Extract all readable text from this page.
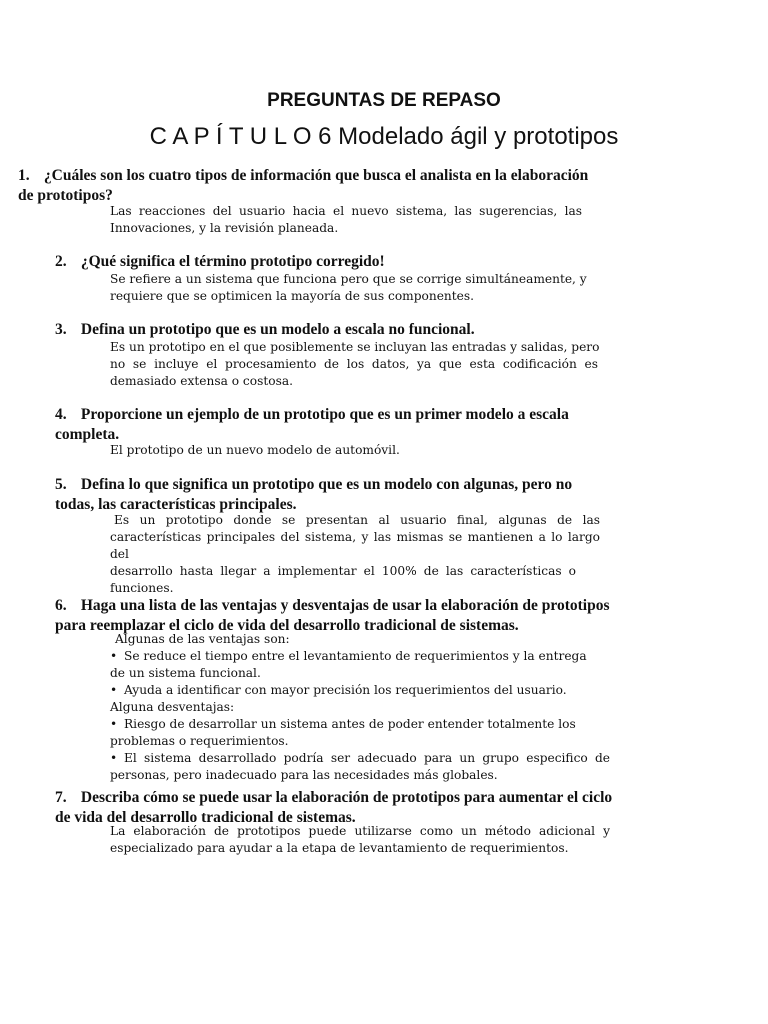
PREGUNTAS DE REPASO
C A P Í T U L O 6 Modelado ágil y prototipos
1. ¿Cuáles son los cuatro tipos de información que busca el analista en la elaboración
de prototipos?
Las reacciones del usuario hacia el nuevo sistema, las sugerencias, las
Innovaciones, y la revisión planeada.
2. ¿Qué significa el término prototipo corregido!
Se refiere a un sistema que funciona pero que se corrige simultáneamente, y
requiere que se optimicen la mayoría de sus componentes.
3. Defina un prototipo que es un modelo a escala no funcional.
Es un prototipo en el que posiblemente se incluyan las entradas y salidas, pero
no se incluye el procesamiento de los datos, ya que esta codificación es
demasiado extensa o costosa.
4. Proporcione un ejemplo de un prototipo que es un primer modelo a escala
completa.
El prototipo de un nuevo modelo de automóvil.
5. Defina lo que significa un prototipo que es un modelo con algunas, pero no
todas, las características principales.
Es un prototipo donde se presentan al usuario final, algunas de las
características principales del sistema, y las mismas se mantienen a lo largo del
desarrollo hasta llegar a implementar el 100% de las características o
funciones.
6. Haga una lista de las ventajas y desventajas de usar la elaboración de prototipos
para reemplazar el ciclo de vida del desarrollo tradicional de sistemas.
Algunas de las ventajas son:
• Se reduce el tiempo entre el levantamiento de requerimientos y la entrega
de un sistema funcional.
• Ayuda a identificar con mayor precisión los requerimientos del usuario.
Alguna desventajas:
• Riesgo de desarrollar un sistema antes de poder entender totalmente los
problemas o requerimientos.
• El sistema desarrollado podría ser adecuado para un grupo especifico de
personas, pero inadecuado para las necesidades más globales.
7. Describa cómo se puede usar la elaboración de prototipos para aumentar el ciclo
de vida del desarrollo tradicional de sistemas.
La elaboración de prototipos puede utilizarse como un método adicional y
especializado para ayudar a la etapa de levantamiento de requerimientos.
